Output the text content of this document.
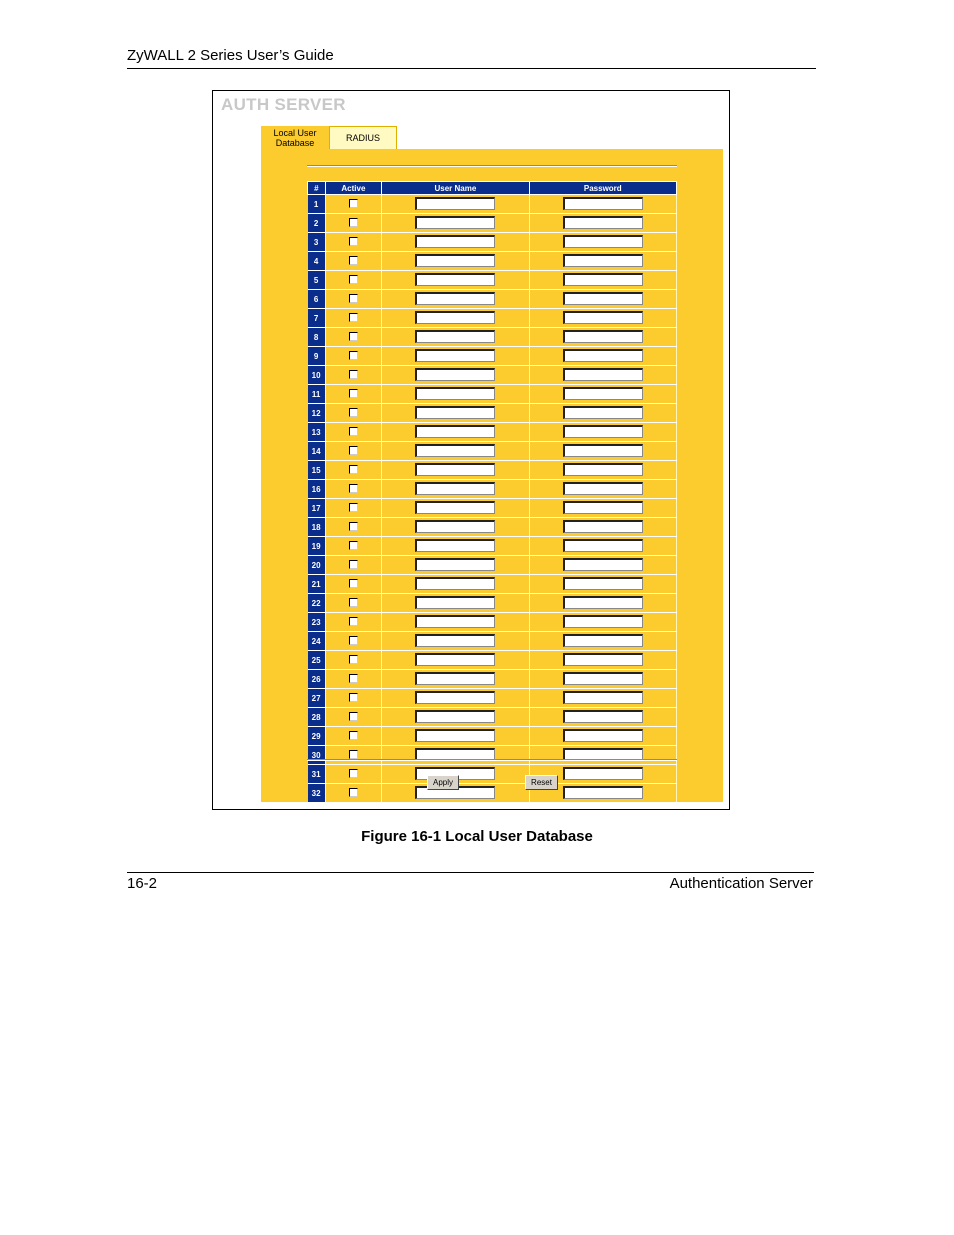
ZyWALL 2 Series User’s Guide
AUTH SERVER
Local User Database	RADIUS
#	Active	User Name	Password
1			
2			
3			
4			
5			
6			
7			
8			
9			
10			
11			
12			
13			
14			
15			
16			
17			
18			
19			
20			
21			
22			
23			
24			
25			
26			
27			
28			
29			
30			
31			
32			
Apply	Reset
Figure 16-1 Local User Database
16-2	Authentication Server
